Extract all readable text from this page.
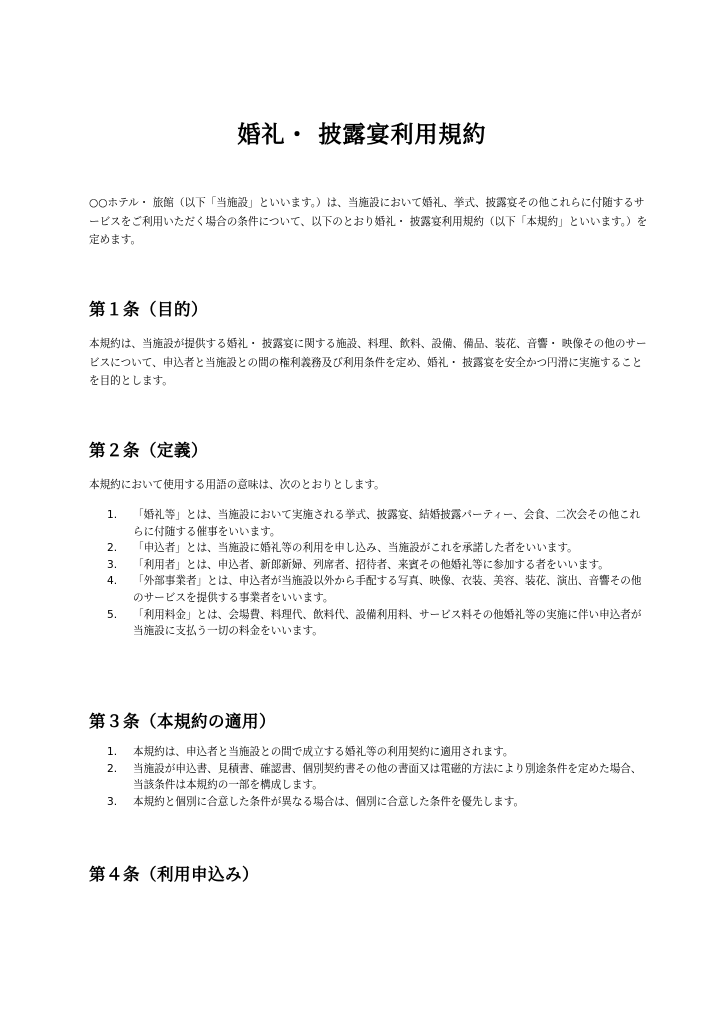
婚礼・ 披露宴利用規約
○○ホテル・ 旅館（以下「当施設」といいます。）は、当施設において婚礼、挙式、披露宴その他これらに付随するサービスをご利用いただく場合の条件について、以下のとおり婚礼・ 披露宴利用規約（以下「本規約」といいます。）を定めます。
第１条（目的）
本規約は、当施設が提供する婚礼・ 披露宴に関する施設、料理、飲料、設備、備品、装花、音響・ 映像その他のサービスについて、申込者と当施設との間の権利義務及び利用条件を定め、婚礼・ 披露宴を安全かつ円滑に実施することを目的とします。
第２条（定義）
本規約において使用する用語の意味は、次のとおりとします。
1. 「婚礼等」とは、当施設において実施される挙式、披露宴、結婚披露パーティー、会食、二次会その他これらに付随する催事をいいます。
2. 「申込者」とは、当施設に婚礼等の利用を申し込み、当施設がこれを承諾した者をいいます。
3. 「利用者」とは、申込者、新郎新婦、列席者、招待者、来賓その他婚礼等に参加する者をいいます。
4. 「外部事業者」とは、申込者が当施設以外から手配する写真、映像、衣装、美容、装花、演出、音響その他のサービスを提供する事業者をいいます。
5. 「利用料金」とは、会場費、料理代、飲料代、設備利用料、サービス料その他婚礼等の実施に伴い申込者が当施設に支払う一切の料金をいいます。
第３条（本規約の適用）
1. 本規約は、申込者と当施設との間で成立する婚礼等の利用契約に適用されます。
2. 当施設が申込書、見積書、確認書、個別契約書その他の書面又は電磁的方法により別途条件を定めた場合、当該条件は本規約の一部を構成します。
3. 本規約と個別に合意した条件が異なる場合は、個別に合意した条件を優先します。
第４条（利用申込み）
